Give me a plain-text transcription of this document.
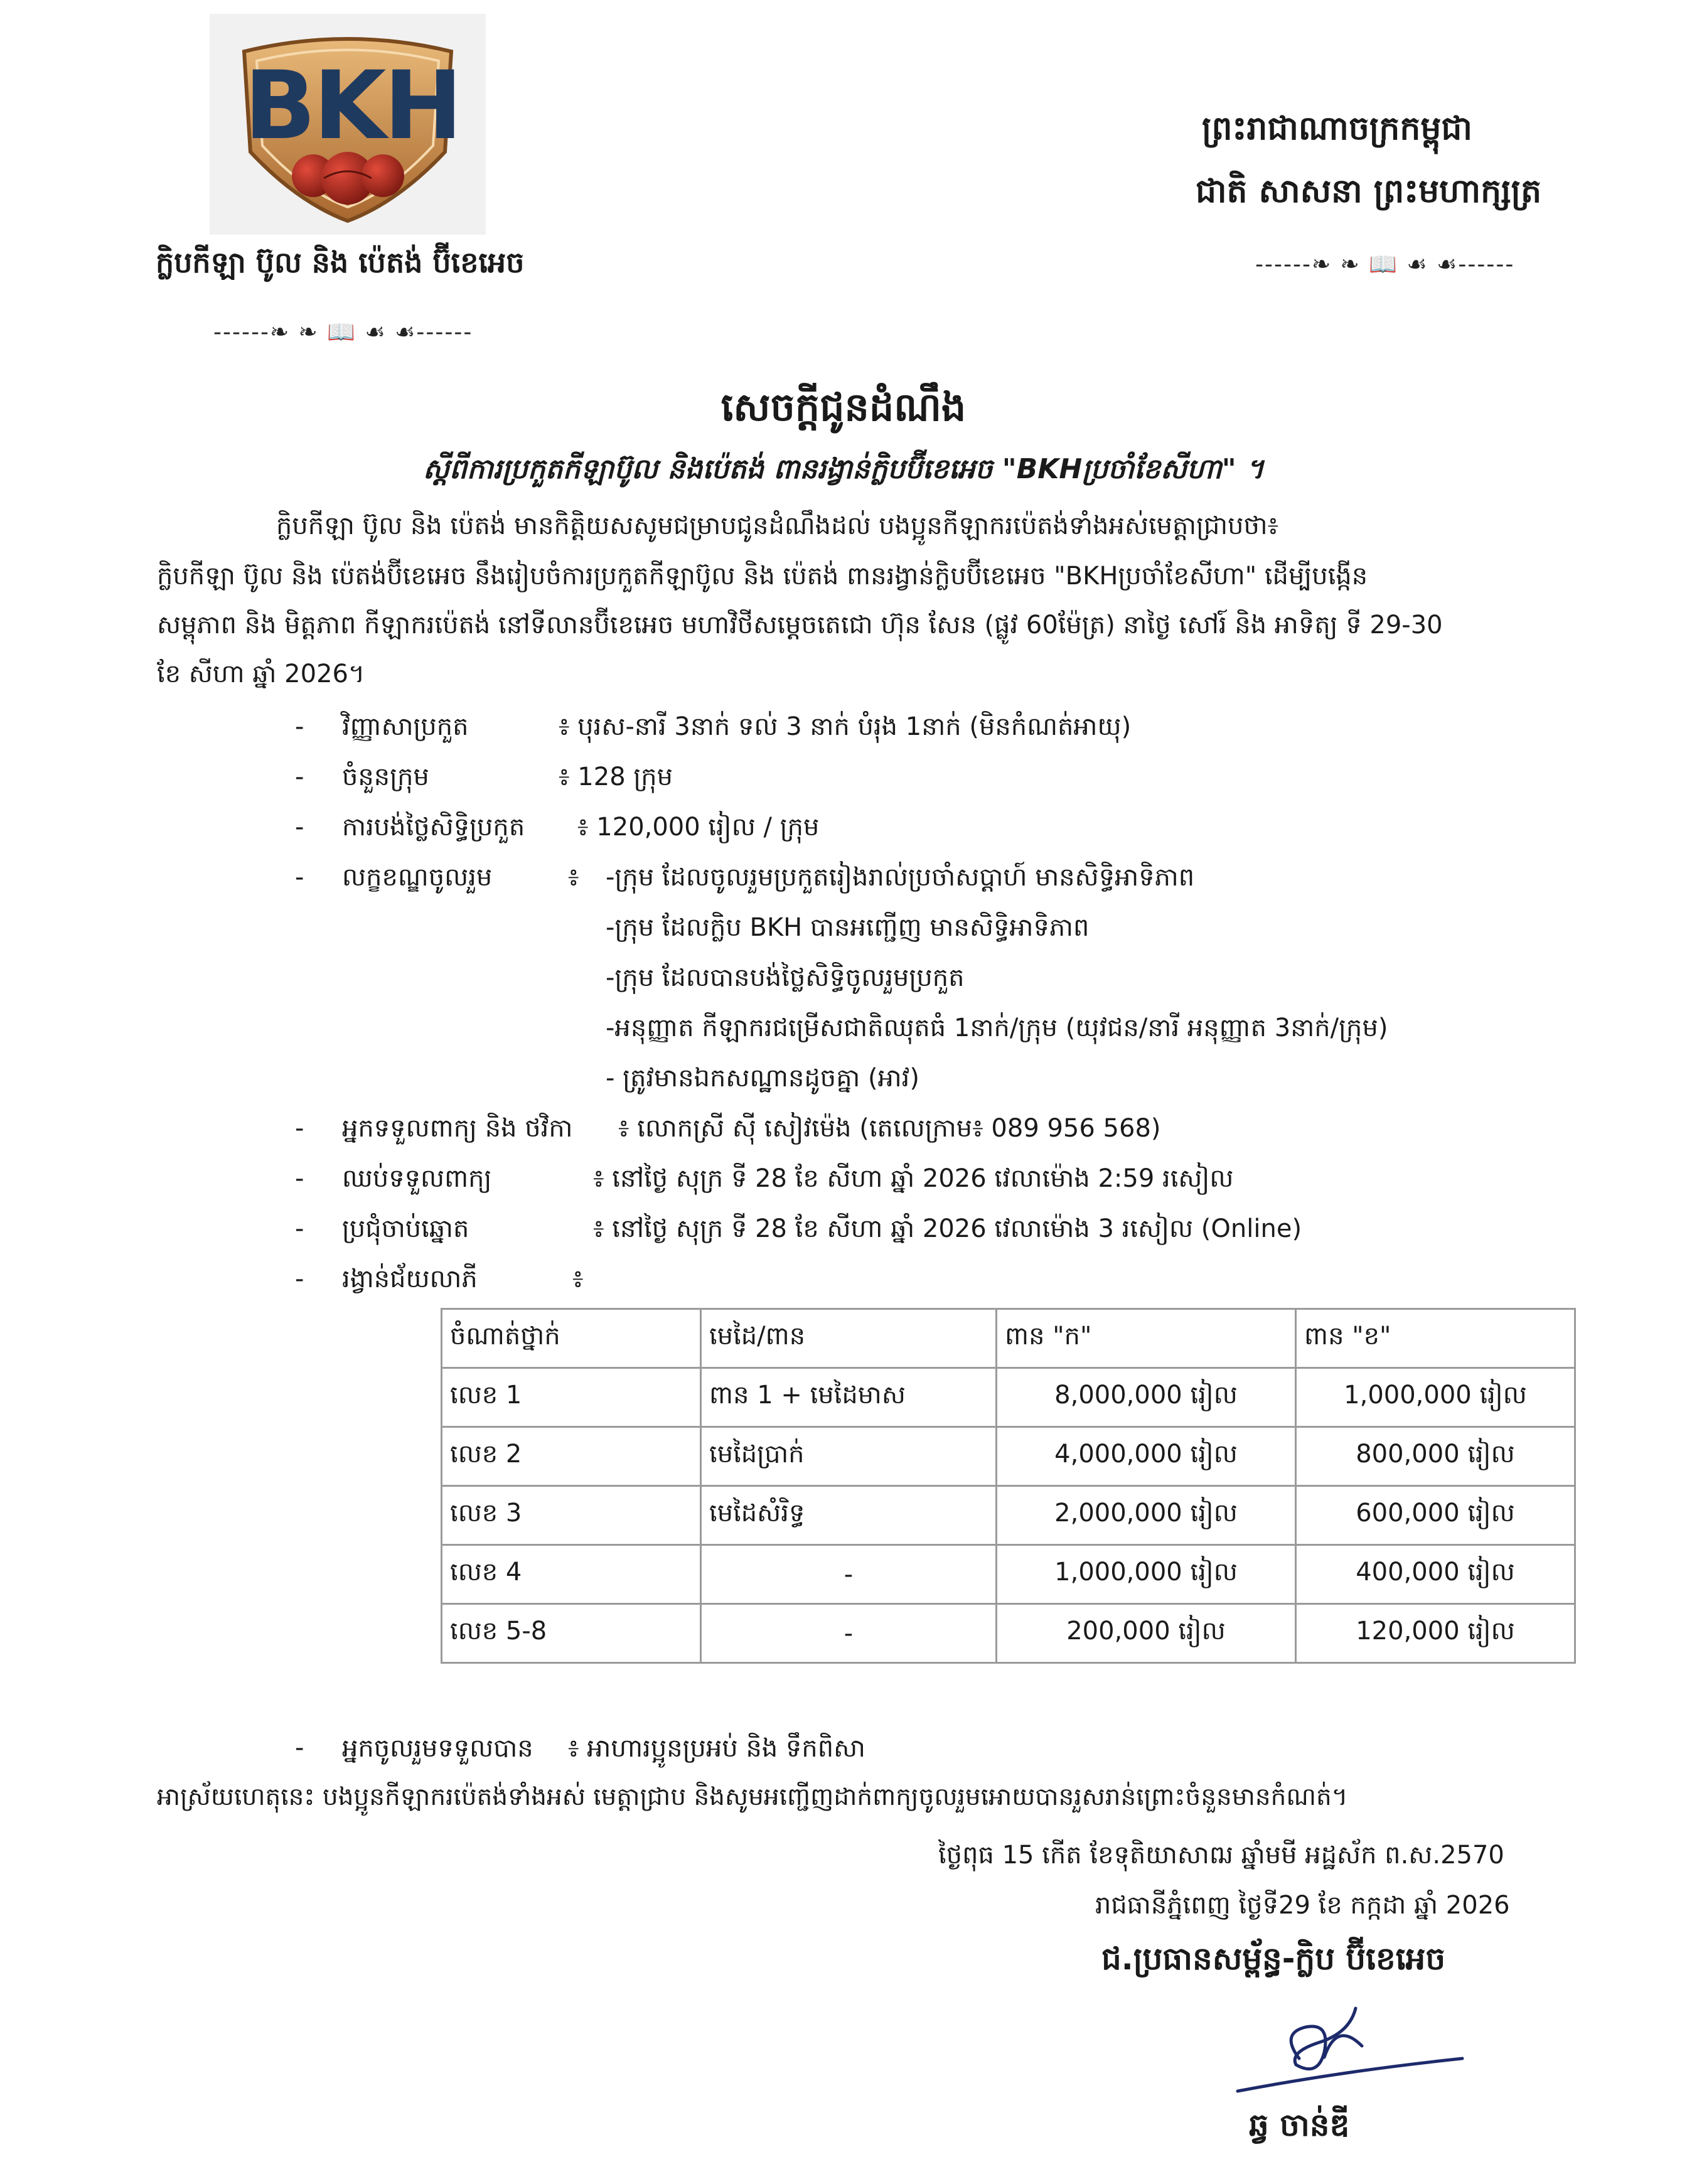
BKH
ក្លិបកីឡា ប៊ូល និង ប៉េតង់ ប៊ីខេអេច
------❧ ❧ 📖 ☙ ☙------
ព្រះរាជាណាចក្រកម្ពុជា
ជាតិ សាសនា ព្រះមហាក្សត្រ
------❧ ❧ 📖 ☙ ☙------
សេចក្តីជូនដំណឹង
ស្តីពីការប្រកួតកីឡាប៊ូល និងប៉េតង់ ពានរង្វាន់ក្លិបប៊ីខេអេច "BKHប្រចាំខែសីហា" ។
ក្លិបកីឡា ប៊ូល និង ប៉េតង់ មានកិត្តិយសសូមជម្រាបជូនដំណឹងដល់ បងប្អូនកីឡាករប៉េតង់ទាំងអស់មេត្តាជ្រាបថា៖
ក្លិបកីឡា ប៊ូល និង ប៉េតង់ប៊ីខេអេច នឹងរៀបចំការប្រកួតកីឡាប៊ូល និង ប៉េតង់ ពានរង្វាន់ក្លិបប៊ីខេអេច "BKHប្រចាំខែសីហា" ដើម្បីបង្កើន
សម្ពុភាព និង មិត្តភាព កីឡាករប៉េតង់ នៅទីលានប៊ីខេអេច មហាវិថីសម្តេចតេជោ ហ៊ុន សែន (ផ្លូវ 60ម៉ែត្រ) នាថ្ងៃ សៅរ៍ និង អាទិត្យ ទី 29-30
ខែ សីហា ឆ្នាំ 2026។
- វិញ្ញាសាប្រកួត	៖ បុរស-នារី 3នាក់ ទល់ 3 នាក់ បំរុង 1នាក់ (មិនកំណត់អាយុ)
- ចំនួនក្រុម	៖ 128 ក្រុម
- ការបង់ថ្លៃសិទ្ធិប្រកួត ៖ 120,000 រៀល / ក្រុម
- លក្ខខណ្ឌចូលរួម	៖ -ក្រុម ដែលចូលរួមប្រកួតរៀងរាល់ប្រចាំសប្តាហ៍ មានសិទ្ធិអាទិភាព
-ក្រុម ដែលក្លិប BKH បានអញ្ជើញ មានសិទ្ធិអាទិភាព
-ក្រុម ដែលបានបង់ថ្លៃសិទ្ធិចូលរួមប្រកួត
-អនុញ្ញាត កីឡាករជម្រើសជាតិឈុតធំ 1នាក់/ក្រុម (យុវជន/នារី អនុញ្ញាត 3នាក់/ក្រុម)
- ត្រូវមានឯកសណ្ឋានដូចគ្នា (អាវ)
- អ្នកទទួលពាក្យ និង ថវិកា ៖ លោកស្រី ស៊ី សៀវម៉េង (តេលេក្រាម៖ 089 956 568)
- ឈប់ទទួលពាក្យ	៖ នៅថ្ងៃ សុក្រ ទី 28 ខែ សីហា ឆ្នាំ 2026 វេលាម៉ោង 2:59 រសៀល
- ប្រជុំចាប់ឆ្នោត	៖ នៅថ្ងៃ សុក្រ ទី 28 ខែ សីហា ឆ្នាំ 2026 វេលាម៉ោង 3 រសៀល (Online)
- រង្វាន់ជ័យលាភី	៖
ចំណាត់ថ្នាក់	មេដៃ/ពាន	ពាន "ក"	ពាន "ខ"
លេខ 1	ពាន 1 + មេដៃមាស	8,000,000 រៀល	1,000,000 រៀល
លេខ 2	មេដៃប្រាក់	4,000,000 រៀល	800,000 រៀល
លេខ 3	មេដៃសំរិទ្ធ	2,000,000 រៀល	600,000 រៀល
លេខ 4	-	1,000,000 រៀល	400,000 រៀល
លេខ 5-8	-	200,000 រៀល	120,000 រៀល
- អ្នកចូលរួមទទួលបាន ៖ អាហារប្អូនប្រអប់ និង ទឹកពិសា
អាស្រ័យហេតុនេះ បងប្អូនកីឡាករប៉េតង់ទាំងអស់ មេត្តាជ្រាប និងសូមអញ្ជើញដាក់ពាក្យចូលរួមអោយបានរួសរាន់ព្រោះចំនួនមានកំណត់។
ថ្ងៃពុធ 15 កើត ខែទុតិយាសាឍ ឆ្នាំមមី អដ្ឋស័ក ព.ស.2570
រាជធានីភ្នំពេញ ថ្ងៃទី29 ខែ កក្កដា ឆ្នាំ 2026
ជ.ប្រធានសម្ព័ន្ធ-ក្លិប ប៊ីខេអេច
ឆ្វ ចាន់ឌី
